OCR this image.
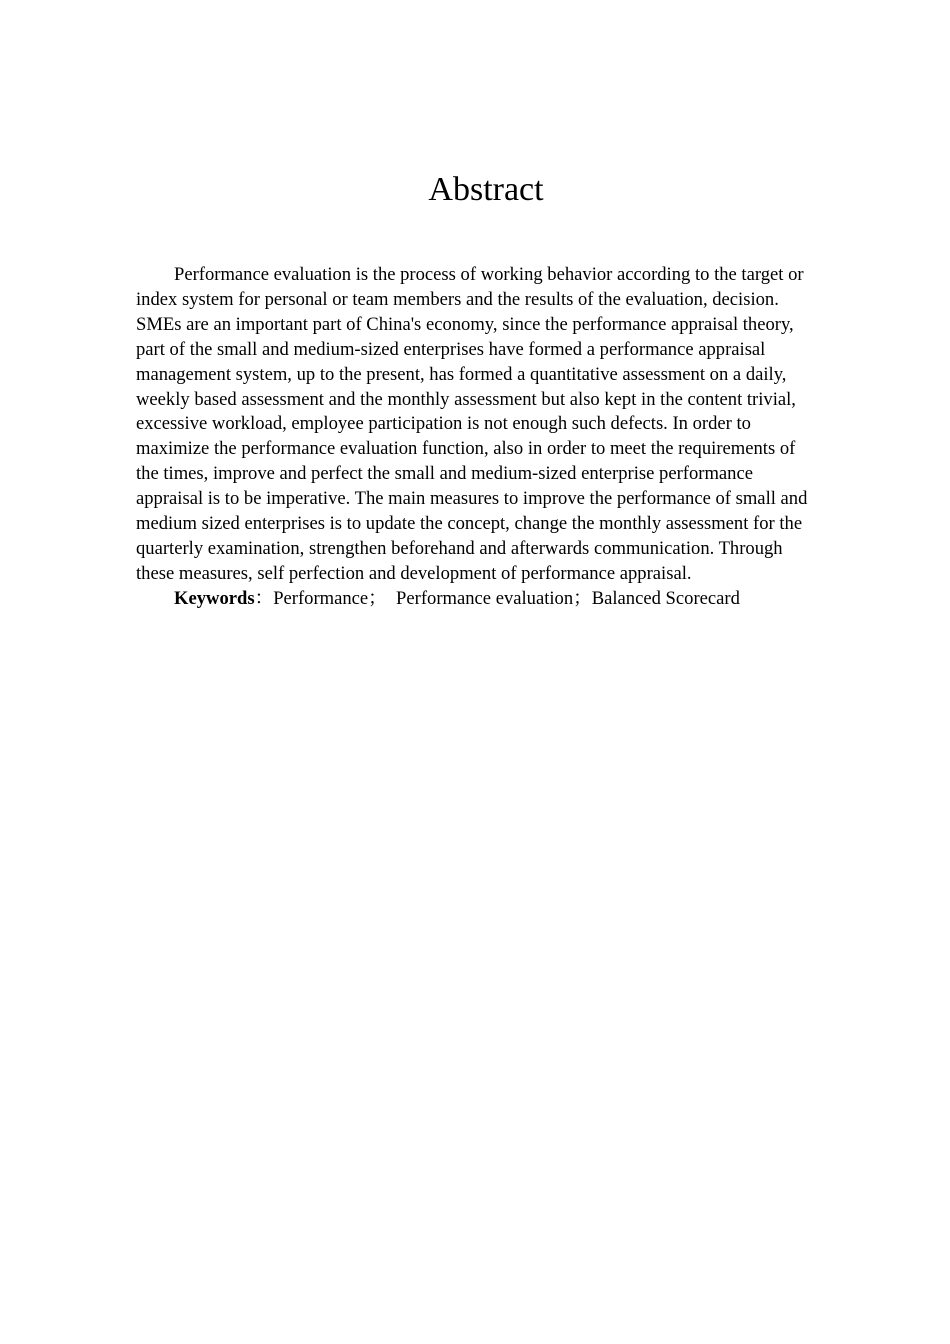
Abstract
Performance evaluation is the process of working behavior according to the target or
index system for personal or team members and the results of the evaluation, decision.
SMEs are an important part of China's economy, since the performance appraisal theory,
part of the small and medium-sized enterprises have formed a performance appraisal
management system, up to the present, has formed a quantitative assessment on a daily,
weekly based assessment and the monthly assessment but also kept in the content trivial,
excessive workload, employee participation is not enough such defects. In order to
maximize the performance evaluation function, also in order to meet the requirements of
the times, improve and perfect the small and medium-sized enterprise performance
appraisal is to be imperative. The main measures to improve the performance of small and
medium sized enterprises is to update the concept, change the monthly assessment for the
quarterly examination, strengthen beforehand and afterwards communication. Through
these measures, self perfection and development of performance appraisal.
Keywords：Performance；  Performance evaluation；Balanced Scorecard
